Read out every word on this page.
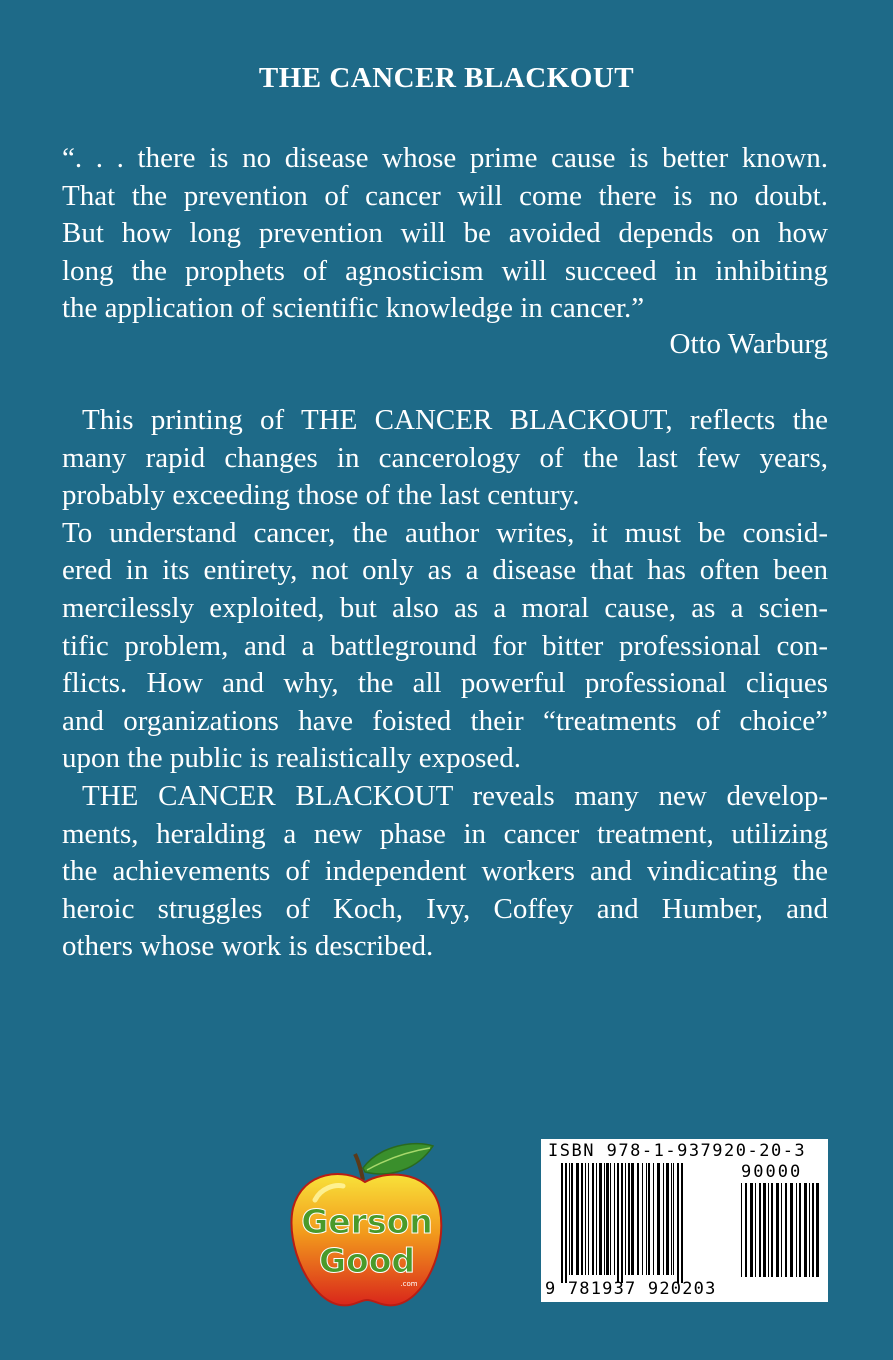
THE CANCER BLACKOUT
“. . . there is no disease whose prime cause is better known.
That the prevention of cancer will come there is no doubt.
But how long prevention will be avoided depends on how
long the prophets of agnosticism will succeed in inhibiting
the application of scientific knowledge in cancer.”
Otto Warburg
This printing of THE CANCER BLACKOUT, reflects the
many rapid changes in cancerology of the last few years,
probably exceeding those of the last century.
To understand cancer, the author writes, it must be consid-
ered in its entirety, not only as a disease that has often been
mercilessly exploited, but also as a moral cause, as a scien-
tific problem, and a battleground for bitter professional con-
flicts. How and why, the all powerful professional cliques
and organizations have foisted their “treatments of choice”
upon the public is realistically exposed.
THE CANCER BLACKOUT reveals many new develop-
ments, heralding a new phase in cancer treatment, utilizing
the achievements of independent workers and vindicating the
heroic struggles of Koch, Ivy, Coffey and Humber, and
others whose work is described.
Gerson
Good
.com
ISBN 978-1-937920-20-3
90000
9 781937 920203
